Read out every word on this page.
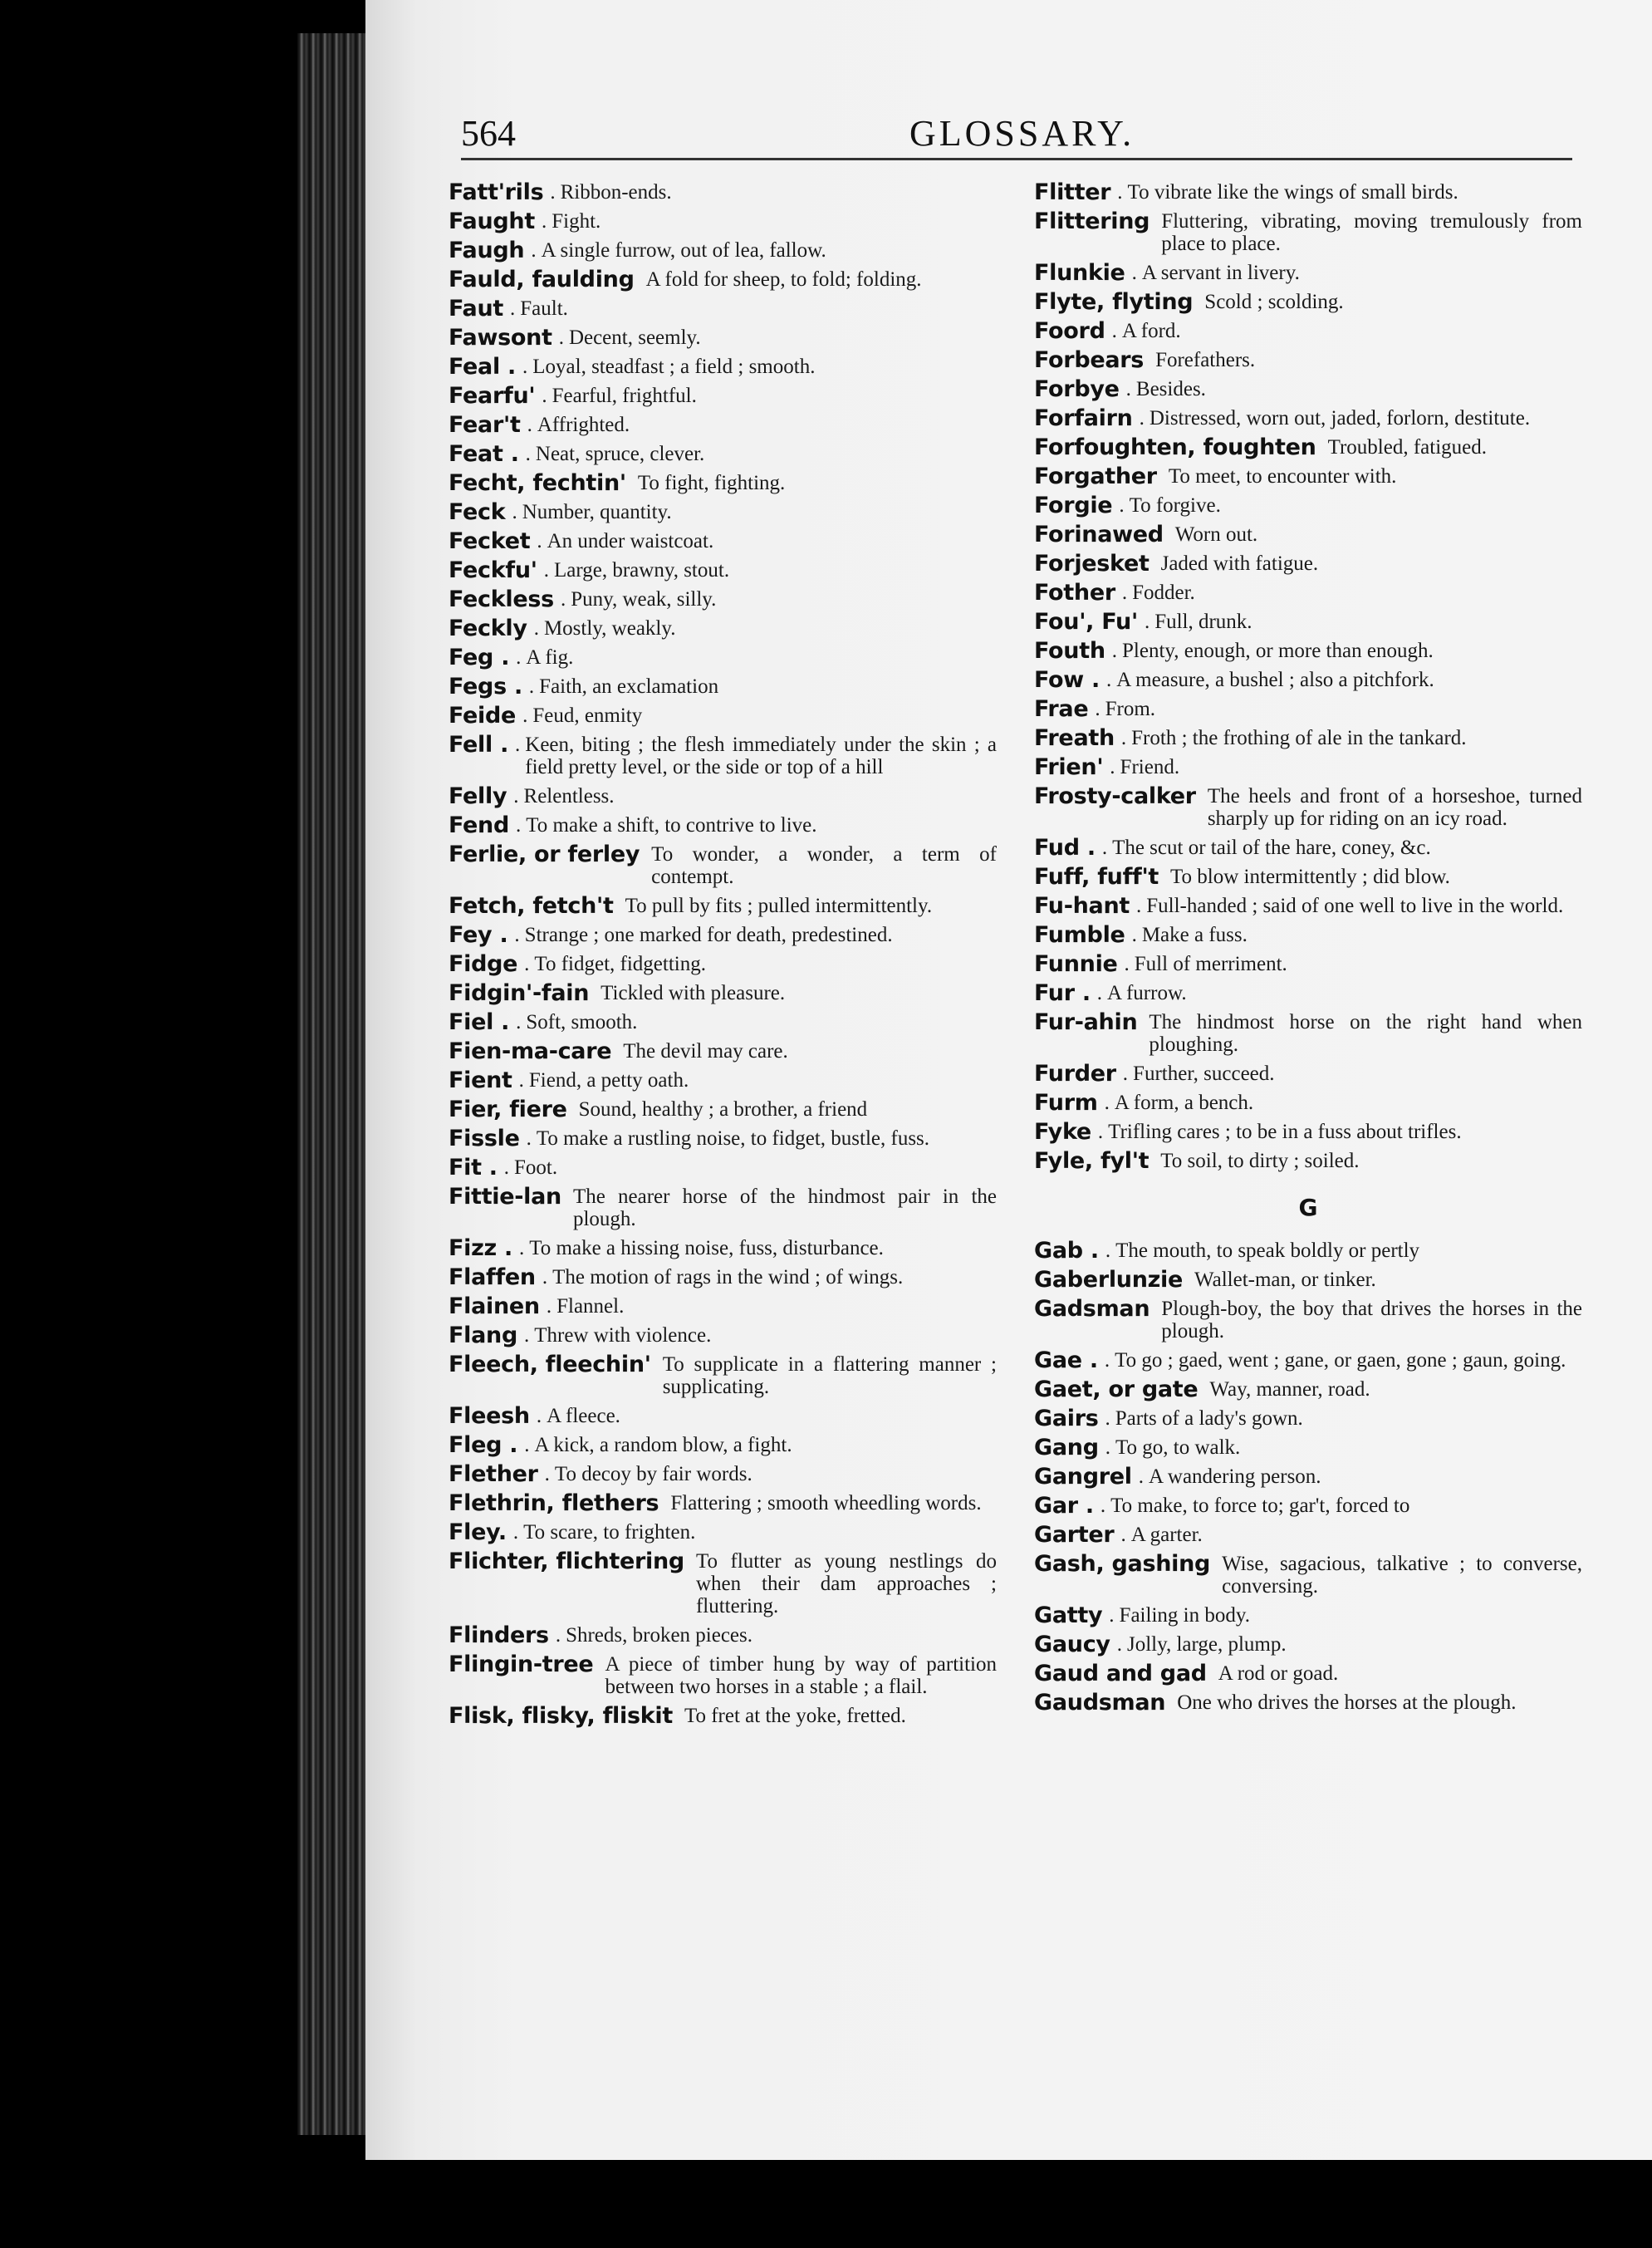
564	GLOSSARY.
Fatt'rils . Ribbon-ends.
Faught . Fight.
Faugh . A single furrow, out of lea, fallow.
Fauld, faulding A fold for sheep, to fold; folding.
Faut . Fault.
Fawsont . Decent, seemly.
Feal . . Loyal, steadfast ; a field ; smooth.
Fearfu' . Fearful, frightful.
Fear't . Affrighted.
Feat . . Neat, spruce, clever.
Fecht, fechtin' To fight, fighting.
Feck . Number, quantity.
Fecket . An under waistcoat.
Feckfu' . Large, brawny, stout.
Feckless . Puny, weak, silly.
Feckly . Mostly, weakly.
Feg . . A fig.
Fegs . . Faith, an exclamation
Feide . Feud, enmity
Fell . . Keen, biting ; the flesh immediately under the skin ; a field pretty level, or the side or top of a hill
Felly . Relentless.
Fend . To make a shift, to contrive to live.
Ferlie, or ferley To wonder, a wonder, a term of contempt.
Fetch, fetch't To pull by fits ; pulled intermittently.
Fey . . Strange ; one marked for death, predestined.
Fidge . To fidget, fidgetting.
Fidgin'-fain Tickled with pleasure.
Fiel . . Soft, smooth.
Fien-ma-care The devil may care.
Fient . Fiend, a petty oath.
Fier, fiere Sound, healthy ; a brother, a friend
Fissle . To make a rustling noise, to fidget, bustle, fuss.
Fit . . Foot.
Fittie-lan The nearer horse of the hindmost pair in the plough.
Fizz . . To make a hissing noise, fuss, disturbance.
Flaffen . The motion of rags in the wind ; of wings.
Flainen . Flannel.
Flang . Threw with violence.
Fleech, fleechin' To supplicate in a flattering manner ; supplicating.
Fleesh . A fleece.
Fleg . . A kick, a random blow, a fight.
Flether . To decoy by fair words.
Flethrin, flethers Flattering ; smooth wheedling words.
Fley. . To scare, to frighten.
Flichter, flichtering To flutter as young nestlings do when their dam approaches ; fluttering.
Flinders . Shreds, broken pieces.
Flingin-tree A piece of timber hung by way of partition between two horses in a stable ; a flail.
Flisk, flisky, fliskit To fret at the yoke, fretted.
Flitter . To vibrate like the wings of small birds.
Flittering Fluttering, vibrating, moving tremulously from place to place.
Flunkie . A servant in livery.
Flyte, flyting Scold ; scolding.
Foord . A ford.
Forbears Forefathers.
Forbye . Besides.
Forfairn . Distressed, worn out, jaded, forlorn, destitute.
Forfoughten, foughten Troubled, fatigued.
Forgather To meet, to encounter with.
Forgie . To forgive.
Forinawed Worn out.
Forjesket Jaded with fatigue.
Fother . Fodder.
Fou', Fu' . Full, drunk.
Fouth . Plenty, enough, or more than enough.
Fow . . A measure, a bushel ; also a pitchfork.
Frae . From.
Freath . Froth ; the frothing of ale in the tankard.
Frien' . Friend.
Frosty-calker The heels and front of a horseshoe, turned sharply up for riding on an icy road.
Fud . . The scut or tail of the hare, coney, &c.
Fuff, fuff't To blow intermittently ; did blow.
Fu-hant . Full-handed ; said of one well to live in the world.
Fumble . Make a fuss.
Funnie . Full of merriment.
Fur . . A furrow.
Fur-ahin The hindmost horse on the right hand when ploughing.
Furder . Further, succeed.
Furm . A form, a bench.
Fyke . Trifling cares ; to be in a fuss about trifles.
Fyle, fyl't To soil, to dirty ; soiled.
G
Gab . . The mouth, to speak boldly or pertly
Gaberlunzie Wallet-man, or tinker.
Gadsman Plough-boy, the boy that drives the horses in the plough.
Gae . . To go ; gaed, went ; gane, or gaen, gone ; gaun, going.
Gaet, or gate Way, manner, road.
Gairs . Parts of a lady's gown.
Gang . To go, to walk.
Gangrel . A wandering person.
Gar . . To make, to force to; gar't, forced to
Garter . A garter.
Gash, gashing Wise, sagacious, talkative ; to converse, conversing.
Gatty . Failing in body.
Gaucy . Jolly, large, plump.
Gaud and gad A rod or goad.
Gaudsman One who drives the horses at the plough.
